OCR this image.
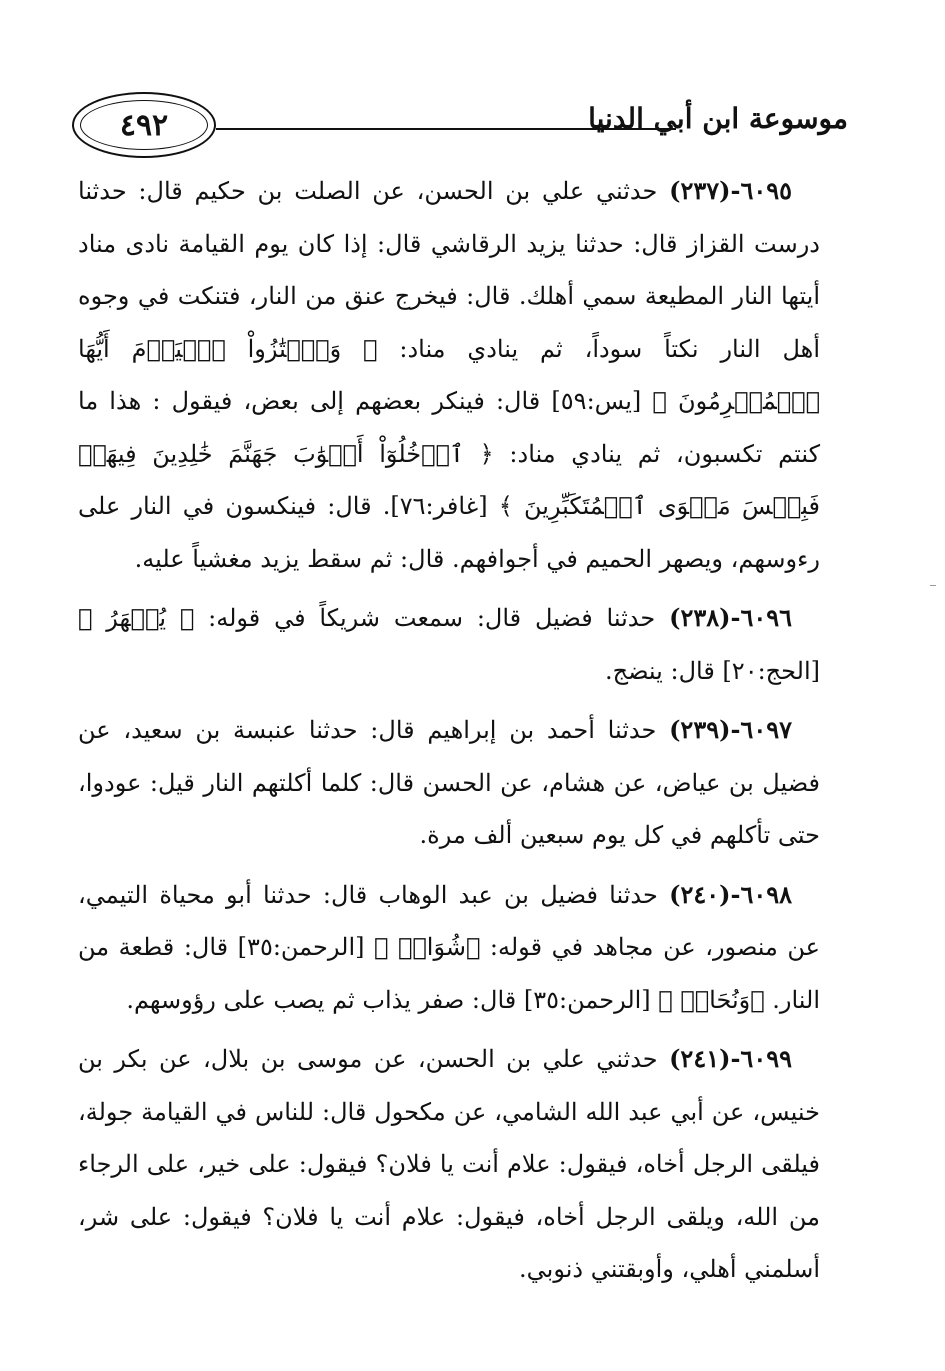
٤٩٢	موسوعة ابن أبي الدنيا

٦٠٩٥-(٢٣٧) حدثني علي بن الحسن، عن الصلت بن حكيم قال: حدثنا درست القزاز قال: حدثنا يزيد الرقاشي قال: إذا كان يوم القيامة نادى مناد أيتها النار المطيعة سمي أهلك. قال: فيخرج عنق من النار، فتنكت في وجوه أهل النار نكتاً سوداً، ثم ينادي مناد: ﴿ وَٱمۡتَٰزُواْ ٱلۡيَوۡمَ أَيُّهَا ٱلۡمُجۡرِمُونَ ﴾ [يس:٥٩] قال: فينكر بعضهم إلى بعض، فيقول : هذا ما كنتم تكسبون، ثم ينادي مناد: ﴿ ٱدۡخُلُوٓاْ أَبۡوَٰبَ جَهَنَّمَ خَٰلِدِينَ فِيهَاۖ فَبِئۡسَ مَثۡوَى ٱلۡمُتَكَبِّرِينَ ﴾ [غافر:٧٦]. قال: فينكسون في النار على رءوسهم، ويصهر الحميم في أجوافهم. قال: ثم سقط يزيد مغشياً عليه.

٦٠٩٦-(٢٣٨) حدثنا فضيل قال: سمعت شريكاً في قوله: ﴿ يُصۡهَرُ ﴾ [الحج:٢٠] قال: ينضج.

٦٠٩٧-(٢٣٩) حدثنا أحمد بن إبراهيم قال: حدثنا عنبسة بن سعيد، عن فضيل بن عياض، عن هشام، عن الحسن قال: كلما أكلتهم النار قيل: عودوا، حتى تأكلهم في كل يوم سبعين ألف مرة.

٦٠٩٨-(٢٤٠) حدثنا فضيل بن عبد الوهاب قال: حدثنا أبو محياة التيمي، عن منصور، عن مجاهد في قوله: ﴿شُوَاظٞ ﴾ [الرحمن:٣٥] قال: قطعة من النار. ﴿وَنُحَاسٞ ﴾ [الرحمن:٣٥] قال: صفر يذاب ثم يصب على رؤوسهم.

٦٠٩٩-(٢٤١) حدثني علي بن الحسن، عن موسى بن بلال، عن بكر بن خنيس، عن أبي عبد الله الشامي، عن مكحول قال: للناس في القيامة جولة، فيلقى الرجل أخاه، فيقول: علام أنت يا فلان؟ فيقول: على خير، على الرجاء من الله، ويلقى الرجل أخاه، فيقول: علام أنت يا فلان؟ فيقول: على شر، أسلمني أهلي، وأوبقتني ذنوبي.
